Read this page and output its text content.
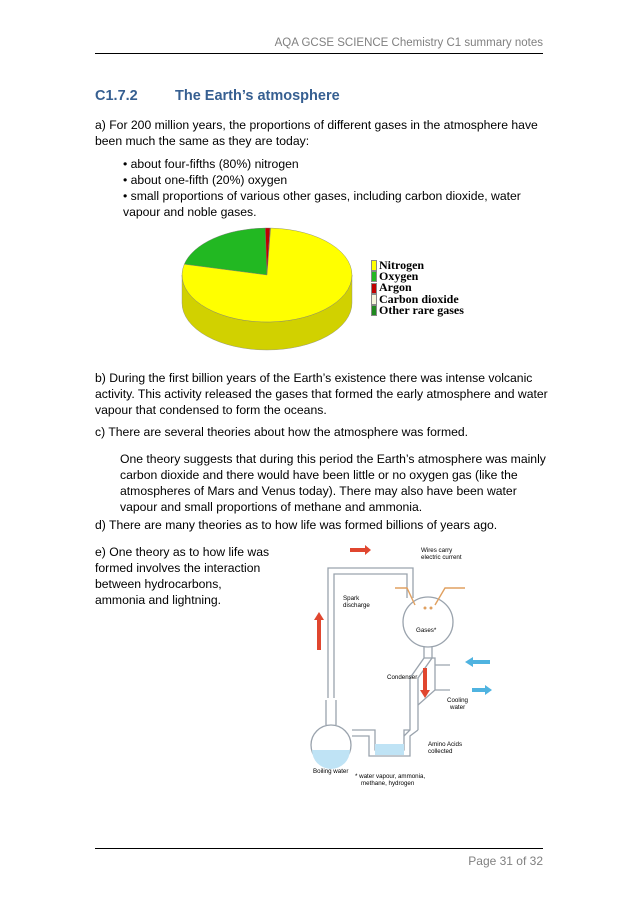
AQA GCSE SCIENCE Chemistry C1 summary notes
C1.7.2	The Earth’s atmosphere
a) For 200 million years, the proportions of different gases in the atmosphere have
been much the same as they are today:
• about four-fifths (80%) nitrogen
• about one-fifth (20%) oxygen
• small proportions of various other gases, including carbon dioxide, water
vapour and noble gases.
Nitrogen
Oxygen
Argon
Carbon dioxide
Other rare gases
b) During the first billion years of the Earth’s existence there was intense volcanic
activity. This activity released the gases that formed the early atmosphere and water
vapour that condensed to form the oceans.
c) There are several theories about how the atmosphere was formed.
One theory suggests that during this period the Earth’s atmosphere was mainly
carbon dioxide and there would have been little or no oxygen gas (like the
atmospheres of Mars and Venus today). There may also have been water
vapour and small proportions of methane and ammonia.
d) There are many theories as to how life was formed billions of years ago.
e) One theory as to how life was
formed involves the interaction
between hydrocarbons,
ammonia and lightning.
Wires carry
electric current
Spark
discharge
Gases*
Condenser
Cooling
water
Amino Acids
collected
Boiling water
* water vapour, ammonia,
methane, hydrogen
Page 31 of 32
